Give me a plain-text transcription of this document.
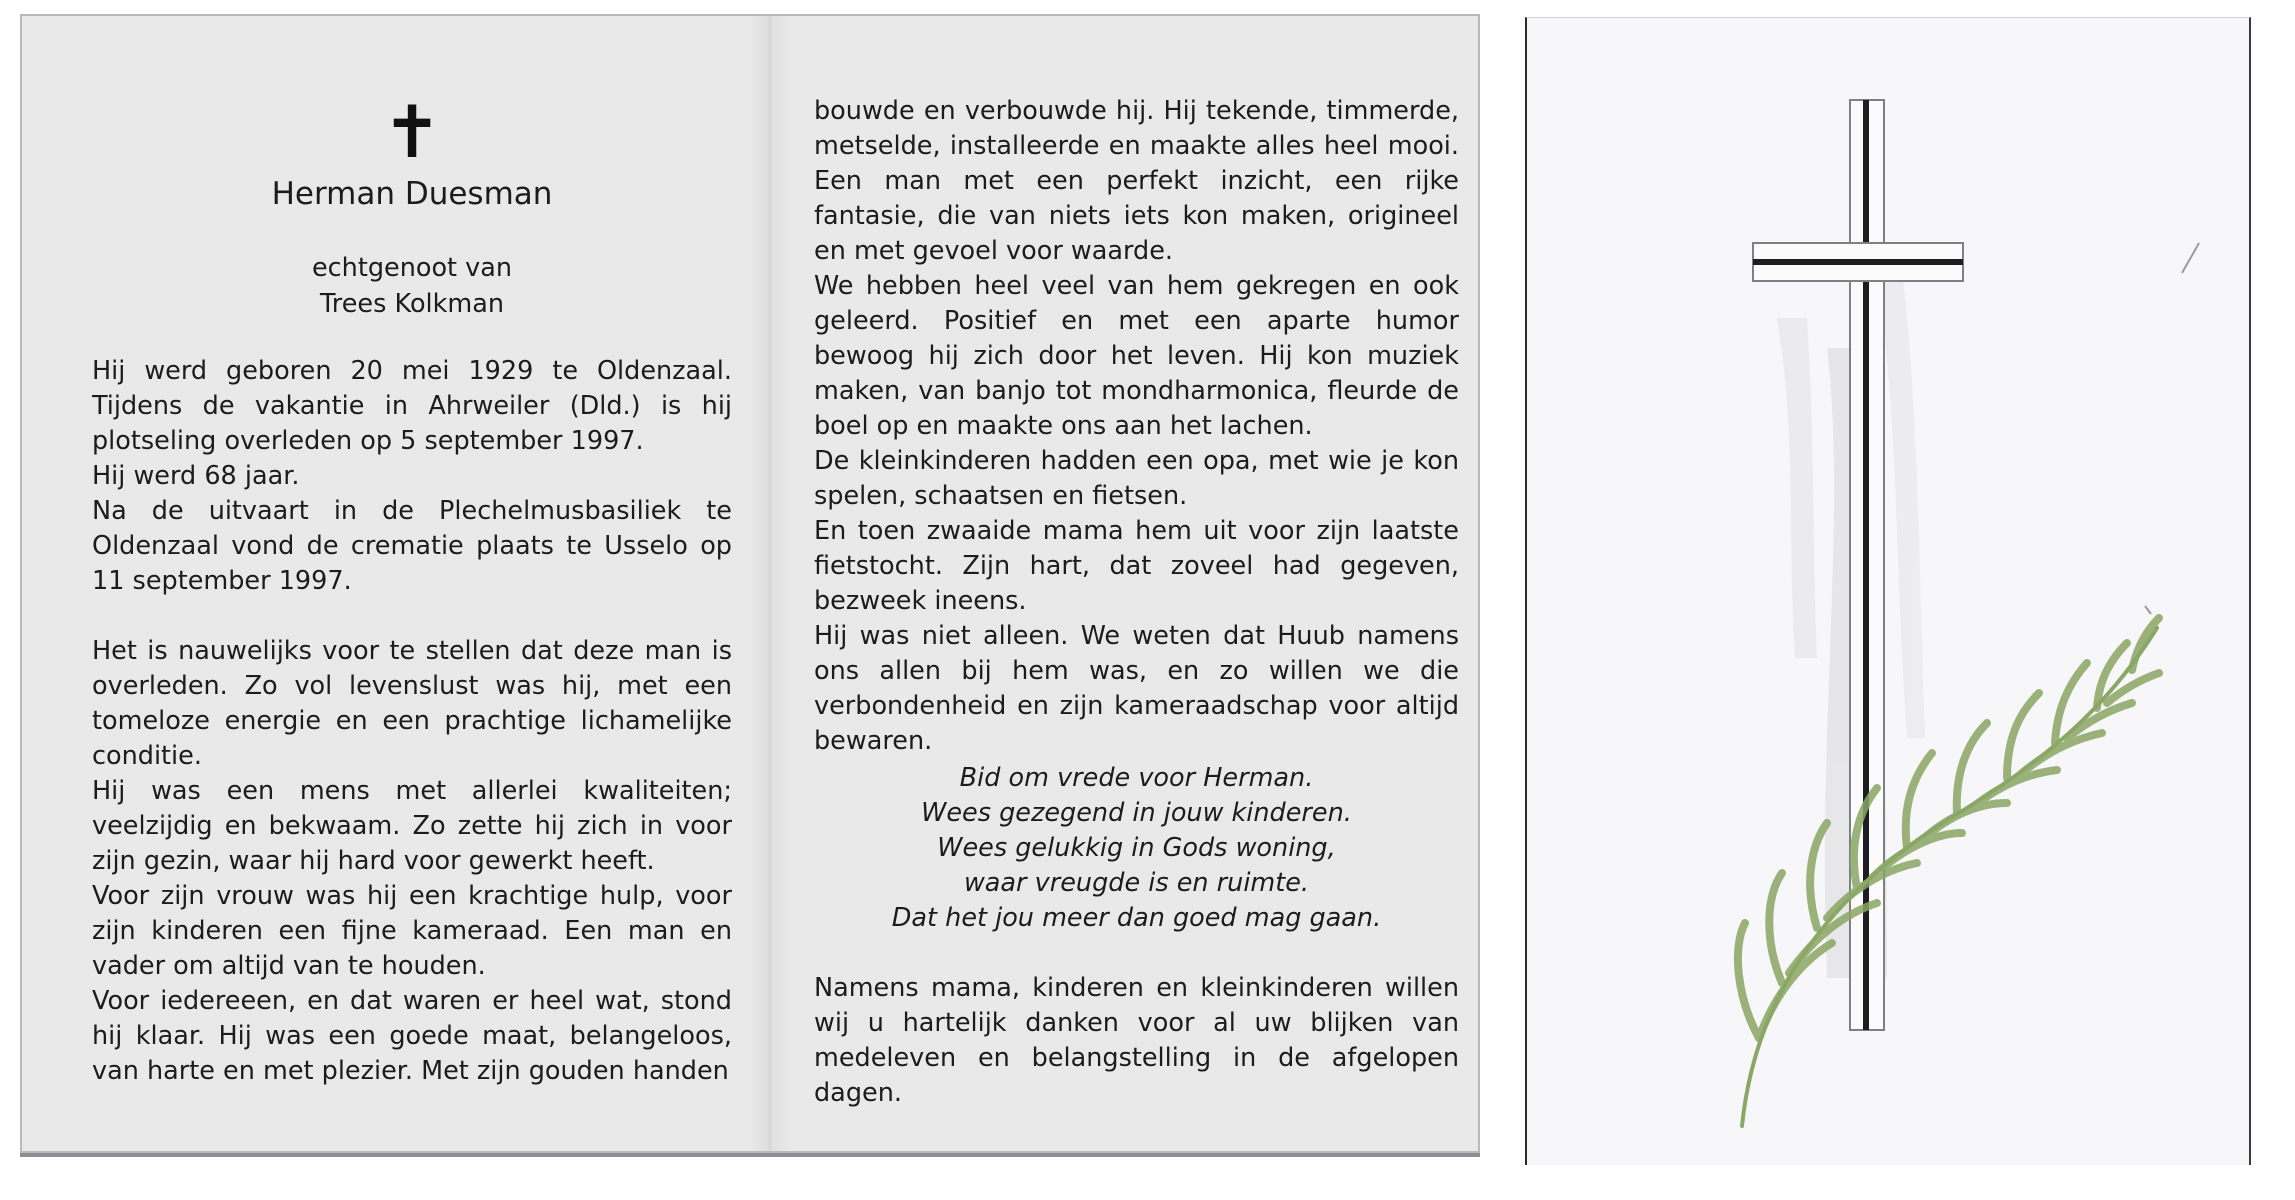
✝
Herman Duesman
echtgenoot van
Trees Kolkman

Hij werd geboren 20 mei 1929 te Oldenzaal. Tijdens de vakantie in Ahrweiler (Dld.) is hij plotseling overleden op 5 september 1997.

Hij werd 68 jaar.

Na de uitvaart in de Plechelmusbasiliek te Oldenzaal vond de crematie plaats te Usselo op 11 september 1997.

Het is nauwelijks voor te stellen dat deze man is overleden. Zo vol levenslust was hij, met een tomeloze energie en een prachtige lichamelijke conditie.

Hij was een mens met allerlei kwaliteiten; veelzijdig en bekwaam. Zo zette hij zich in voor zijn gezin, waar hij hard voor gewerkt heeft.

Voor zijn vrouw was hij een krachtige hulp, voor zijn kinderen een fijne kameraad. Een man en vader om altijd van te houden.

Voor iedereeen, en dat waren er heel wat, stond hij klaar. Hij was een goede maat, belangeloos, van harte en met plezier. Met zijn gouden handen

bouwde en verbouwde hij. Hij tekende, timmerde, metselde, installeerde en maakte alles heel mooi. Een man met een perfekt inzicht, een rijke fantasie, die van niets iets kon maken, origineel en met gevoel voor waarde.

We hebben heel veel van hem gekregen en ook geleerd. Positief en met een aparte humor bewoog hij zich door het leven. Hij kon muziek maken, van banjo tot mondharmonica, fleurde de boel op en maakte ons aan het lachen.

De kleinkinderen hadden een opa, met wie je kon spelen, schaatsen en fietsen.

En toen zwaaide mama hem uit voor zijn laatste fietstocht. Zijn hart, dat zoveel had gegeven, bezweek ineens.

Hij was niet alleen. We weten dat Huub namens ons allen bij hem was, en zo willen we die verbondenheid en zijn kameraadschap voor altijd bewaren.

Bid om vrede voor Herman.
Wees gezegend in jouw kinderen.
Wees gelukkig in Gods woning,
waar vreugde is en ruimte.
Dat het jou meer dan goed mag gaan.

Namens mama, kinderen en kleinkinderen willen wij u hartelijk danken voor al uw blijken van medeleven en belangstelling in de afgelopen dagen.
